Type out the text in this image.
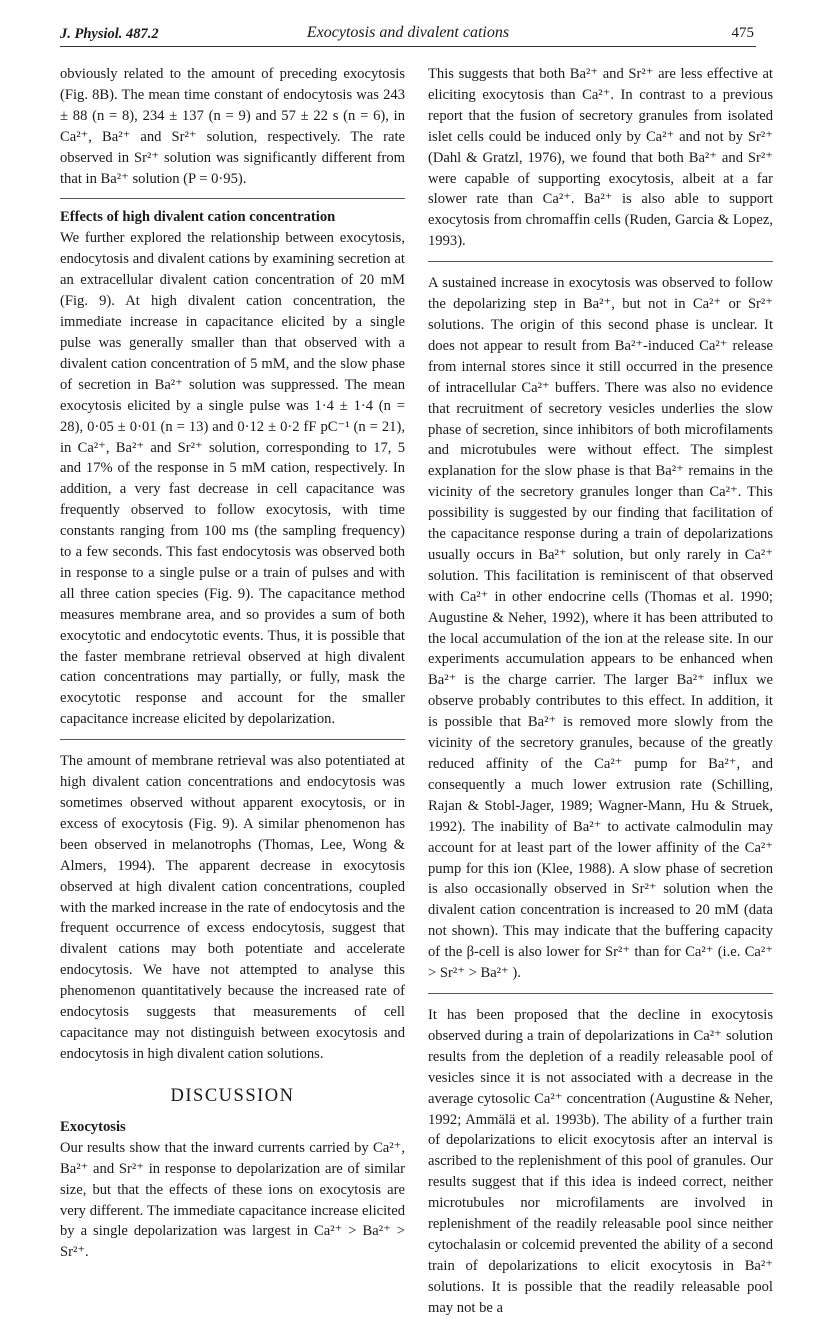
J. Physiol. 487.2	Exocytosis and divalent cations	475

obviously related to the amount of preceding exocytosis (Fig. 8B). The mean time constant of endocytosis was 243 ± 88 (n = 8), 234 ± 137 (n = 9) and 57 ± 22 s (n = 6), in Ca²⁺, Ba²⁺ and Sr²⁺ solution, respectively. The rate observed in Sr²⁺ solution was significantly different from that in Ba²⁺ solution (P = 0·95).

Effects of high divalent cation concentration

We further explored the relationship between exocytosis, endocytosis and divalent cations by examining secretion at an extracellular divalent cation concentration of 20 mM (Fig. 9). At high divalent cation concentration, the immediate increase in capacitance elicited by a single pulse was generally smaller than that observed with a divalent cation concentration of 5 mM, and the slow phase of secretion in Ba²⁺ solution was suppressed. The mean exocytosis elicited by a single pulse was 1·4 ± 1·4 (n = 28), 0·05 ± 0·01 (n = 13) and 0·12 ± 0·2 fF pC⁻¹ (n = 21), in Ca²⁺, Ba²⁺ and Sr²⁺ solution, corresponding to 17, 5 and 17% of the response in 5 mM cation, respectively. In addition, a very fast decrease in cell capacitance was frequently observed to follow exocytosis, with time constants ranging from 100 ms (the sampling frequency) to a few seconds. This fast endocytosis was observed both in response to a single pulse or a train of pulses and with all three cation species (Fig. 9). The capacitance method measures membrane area, and so provides a sum of both exocytotic and endocytotic events. Thus, it is possible that the faster membrane retrieval observed at high divalent cation concentrations may partially, or fully, mask the exocytotic response and account for the smaller capacitance increase elicited by depolarization.

The amount of membrane retrieval was also potentiated at high divalent cation concentrations and endocytosis was sometimes observed without apparent exocytosis, or in excess of exocytosis (Fig. 9). A similar phenomenon has been observed in melanotrophs (Thomas, Lee, Wong & Almers, 1994). The apparent decrease in exocytosis observed at high divalent cation concentrations, coupled with the marked increase in the rate of endocytosis and the frequent occurrence of excess endocytosis, suggest that divalent cations may both potentiate and accelerate endocytosis. We have not attempted to analyse this phenomenon quantitatively because the increased rate of endocytosis suggests that measurements of cell capacitance may not distinguish between exocytosis and endocytosis in high divalent cation solutions.

DISCUSSION
Exocytosis

Our results show that the inward currents carried by Ca²⁺, Ba²⁺ and Sr²⁺ in response to depolarization are of similar size, but that the effects of these ions on exocytosis are very different. The immediate capacitance increase elicited by a single depolarization was largest in Ca²⁺ > Ba²⁺ > Sr²⁺.

This suggests that both Ba²⁺ and Sr²⁺ are less effective at eliciting exocytosis than Ca²⁺. In contrast to a previous report that the fusion of secretory granules from isolated islet cells could be induced only by Ca²⁺ and not by Sr²⁺ (Dahl & Gratzl, 1976), we found that both Ba²⁺ and Sr²⁺ were capable of supporting exocytosis, albeit at a far slower rate than Ca²⁺. Ba²⁺ is also able to support exocytosis from chromaffin cells (Ruden, Garcia & Lopez, 1993).

A sustained increase in exocytosis was observed to follow the depolarizing step in Ba²⁺, but not in Ca²⁺ or Sr²⁺ solutions. The origin of this second phase is unclear. It does not appear to result from Ba²⁺-induced Ca²⁺ release from internal stores since it still occurred in the presence of intracellular Ca²⁺ buffers. There was also no evidence that recruitment of secretory vesicles underlies the slow phase of secretion, since inhibitors of both microfilaments and microtubules were without effect. The simplest explanation for the slow phase is that Ba²⁺ remains in the vicinity of the secretory granules longer than Ca²⁺. This possibility is suggested by our finding that facilitation of the capacitance response during a train of depolarizations usually occurs in Ba²⁺ solution, but only rarely in Ca²⁺ solution. This facilitation is reminiscent of that observed with Ca²⁺ in other endocrine cells (Thomas et al. 1990; Augustine & Neher, 1992), where it has been attributed to the local accumulation of the ion at the release site. In our experiments accumulation appears to be enhanced when Ba²⁺ is the charge carrier. The larger Ba²⁺ influx we observe probably contributes to this effect. In addition, it is possible that Ba²⁺ is removed more slowly from the vicinity of the secretory granules, because of the greatly reduced affinity of the Ca²⁺ pump for Ba²⁺, and consequently a much lower extrusion rate (Schilling, Rajan & Stobl-Jager, 1989; Wagner-Mann, Hu & Struek, 1992). The inability of Ba²⁺ to activate calmodulin may account for at least part of the lower affinity of the Ca²⁺ pump for this ion (Klee, 1988). A slow phase of secretion is also occasionally observed in Sr²⁺ solution when the divalent cation concentration is increased to 20 mM (data not shown). This may indicate that the buffering capacity of the β-cell is also lower for Sr²⁺ than for Ca²⁺ (i.e. Ca²⁺ > Sr²⁺ > Ba²⁺ ).

It has been proposed that the decline in exocytosis observed during a train of depolarizations in Ca²⁺ solution results from the depletion of a readily releasable pool of vesicles since it is not associated with a decrease in the average cytosolic Ca²⁺ concentration (Augustine & Neher, 1992; Ammälä et al. 1993b). The ability of a further train of depolarizations to elicit exocytosis after an interval is ascribed to the replenishment of this pool of granules. Our results suggest that if this idea is indeed correct, neither microtubules nor microfilaments are involved in replenishment of the readily releasable pool since neither cytochalasin or colcemid prevented the ability of a second train of depolarizations to elicit exocytosis in Ba²⁺ solutions. It is possible that the readily releasable pool may not be a
